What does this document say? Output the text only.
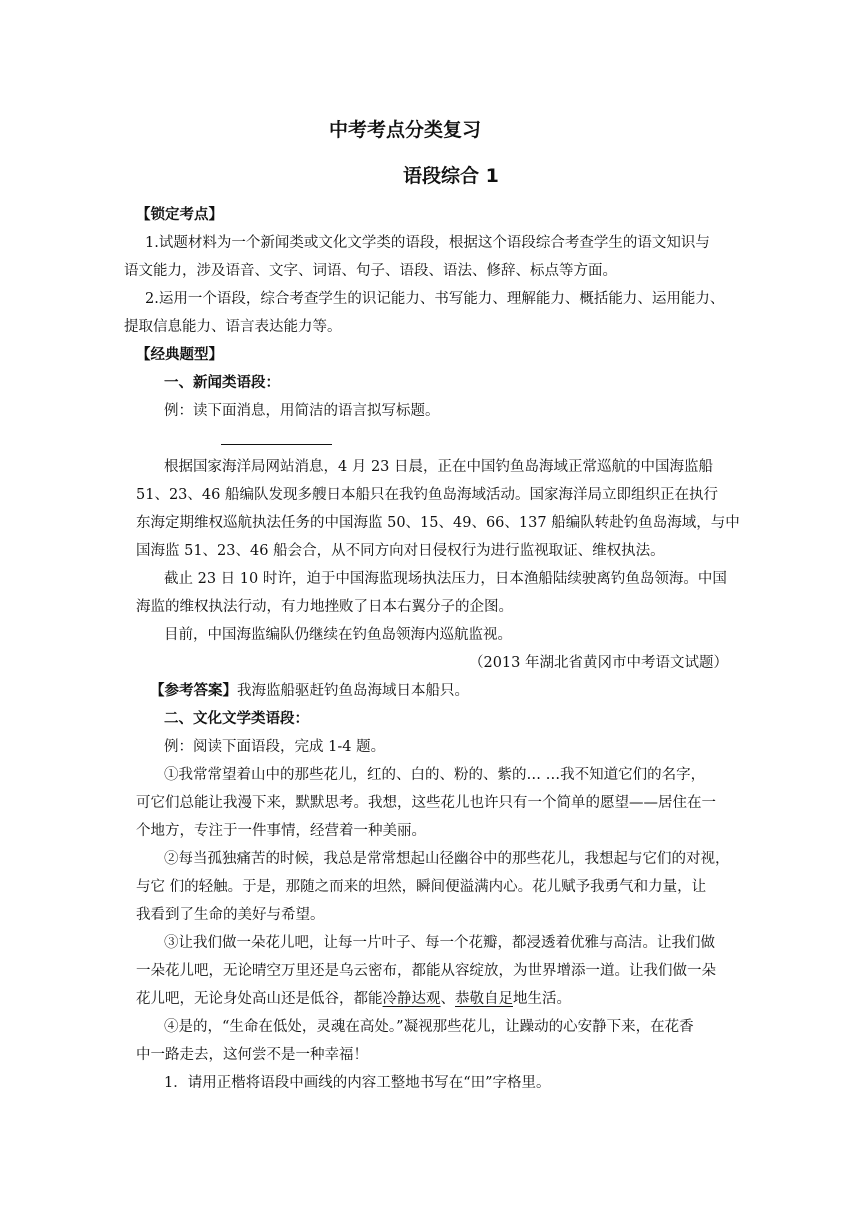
中考考点分类复习
语段综合 1
【锁定考点】
1.试题材料为一个新闻类或文化文学类的语段，根据这个语段综合考查学生的语文知识与
语文能力，涉及语音、文字、词语、句子、语段、语法、修辞、标点等方面。
2.运用一个语段，综合考查学生的识记能力、书写能力、理解能力、概括能力、运用能力、
提取信息能力、语言表达能力等。
【经典题型】
一、新闻类语段：
例：读下面消息，用简洁的语言拟写标题。
根据国家海洋局网站消息，4 月 23 日晨，正在中国钓鱼岛海域正常巡航的中国海监船
51、23、46 船编队发现多艘日本船只在我钓鱼岛海域活动。国家海洋局立即组织正在执行
东海定期维权巡航执法任务的中国海监 50、15、49、66、137 船编队转赴钓鱼岛海域，与中
国海监 51、23、46 船会合，从不同方向对日侵权行为进行监视取证、维权执法。
截止 23 日 10 时许，迫于中国海监现场执法压力，日本渔船陆续驶离钓鱼岛领海。中国
海监的维权执法行动，有力地挫败了日本右翼分子的企图。
目前，中国海监编队仍继续在钓鱼岛领海内巡航监视。
（2013 年湖北省黄冈市中考语文试题）
【参考答案】我海监船驱赶钓鱼岛海域日本船只。
二、文化文学类语段：
例：阅读下面语段，完成 1-4 题。
①我常常望着山中的那些花儿，红的、白的、粉的、紫的… …我不知道它们的名字，
可它们总能让我漫下来，默默思考。我想，这些花儿也许只有一个简单的愿望——居住在一
个地方，专注于一件事情，经营着一种美丽。
②每当孤独痛苦的时候，我总是常常想起山径幽谷中的那些花儿，我想起与它们的对视，
与它 们的轻触。于是，那随之而来的坦然，瞬间便溢满内心。花儿赋予我勇气和力量，让
我看到了生命的美好与希望。
③让我们做一朵花儿吧，让每一片叶子、每一个花瓣，都浸透着优雅与高洁。让我们做
一朵花儿吧，无论晴空万里还是乌云密布，都能从容绽放，为世界增添一道。让我们做一朵
花儿吧，无论身处高山还是低谷，都能冷静达观、恭敬自足地生活。
④是的，“生命在低处，灵魂在高处。”凝视那些花儿，让躁动的心安静下来，在花香
中一路走去，这何尝不是一种幸福！
1．请用正楷将语段中画线的内容工整地书写在“田”字格里。
